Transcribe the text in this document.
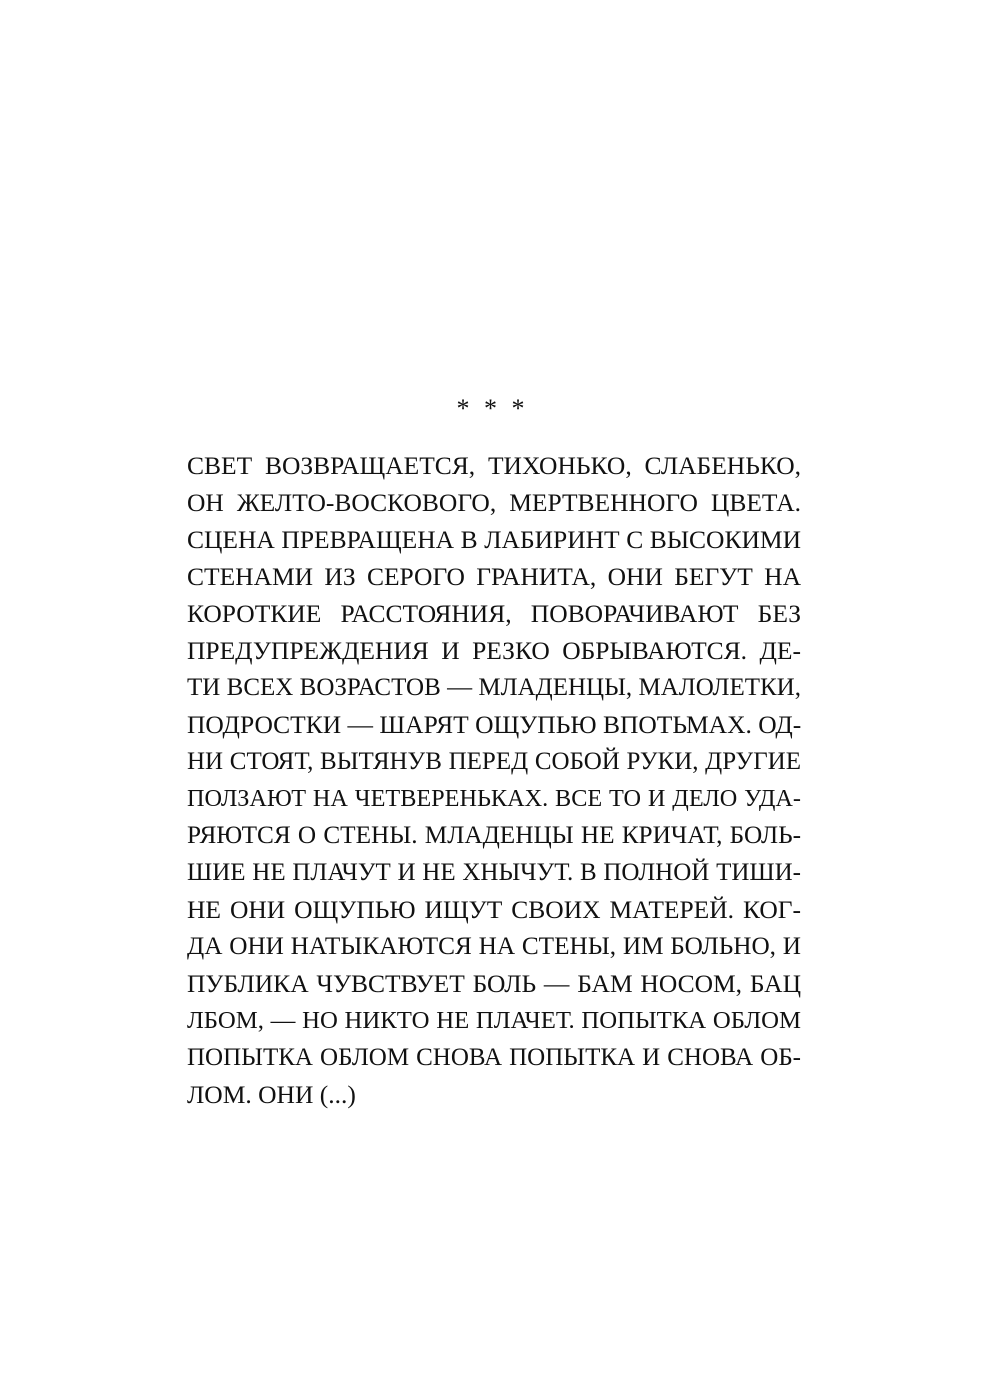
* * *
СВЕТ ВОЗВРАЩАЕТСЯ, ТИХОНЬКО, СЛАБЕНЬКО,
ОН ЖЕЛТО-ВОСКОВОГО, МЕРТВЕННОГО ЦВЕТА.
СЦЕНА ПРЕВРАЩЕНА В ЛАБИРИНТ С ВЫСОКИМИ
СТЕНАМИ ИЗ СЕРОГО ГРАНИТА, ОНИ БЕГУТ НА
КОРОТКИЕ РАССТОЯНИЯ, ПОВОРАЧИВАЮТ БЕЗ
ПРЕДУПРЕЖДЕНИЯ И РЕЗКО ОБРЫВАЮТСЯ. ДЕ-
ТИ ВСЕХ ВОЗРАСТОВ — МЛАДЕНЦЫ, МАЛОЛЕТКИ,
ПОДРОСТКИ — ШАРЯТ ОЩУПЬЮ ВПОТЬМАХ. ОД-
НИ СТОЯТ, ВЫТЯНУВ ПЕРЕД СОБОЙ РУКИ, ДРУГИЕ
ПОЛЗАЮТ НА ЧЕТВЕРЕНЬКАХ. ВСЕ ТО И ДЕЛО УДА-
РЯЮТСЯ О СТЕНЫ. МЛАДЕНЦЫ НЕ КРИЧАТ, БОЛЬ-
ШИЕ НЕ ПЛАЧУТ И НЕ ХНЫЧУТ. В ПОЛНОЙ ТИШИ-
НЕ ОНИ ОЩУПЬЮ ИЩУТ СВОИХ МАТЕРЕЙ. КОГ-
ДА ОНИ НАТЫКАЮТСЯ НА СТЕНЫ, ИМ БОЛЬНО, И
ПУБЛИКА ЧУВСТВУЕТ БОЛЬ — БАМ НОСОМ, БАЦ
ЛБОМ, — НО НИКТО НЕ ПЛАЧЕТ. ПОПЫТКА ОБЛОМ
ПОПЫТКА ОБЛОМ СНОВА ПОПЫТКА И СНОВА ОБ-
ЛОМ. ОНИ (...)
